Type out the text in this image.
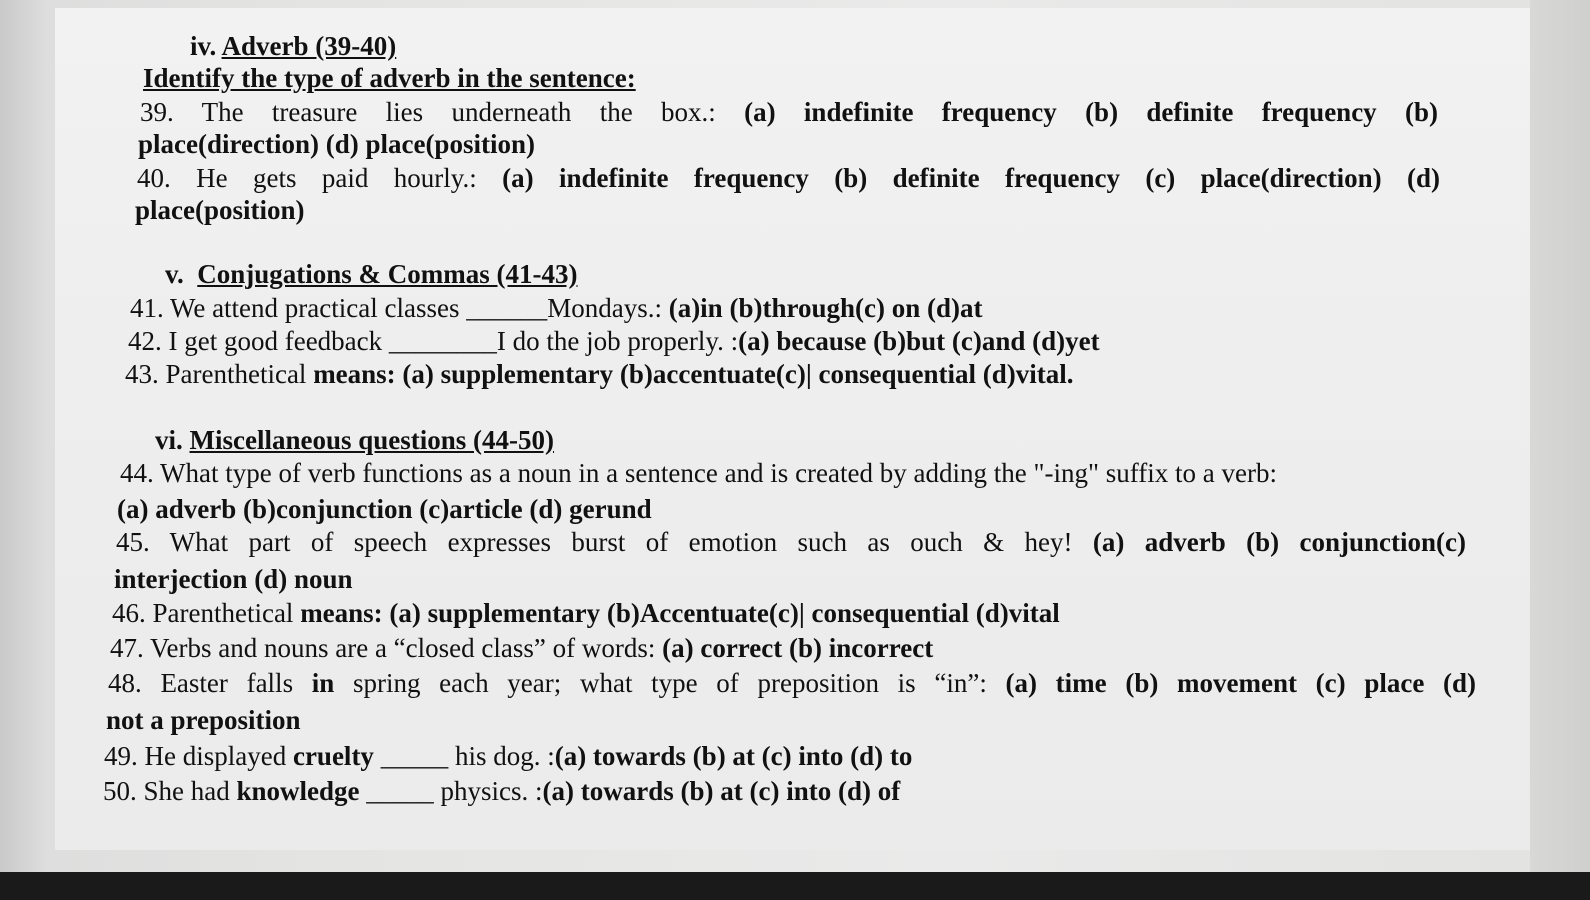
iv. Adverb (39-40)
Identify the type of adverb in the sentence:
39. The treasure lies underneath the box.: (a) indefinite frequency (b) definite frequency (b)
place(direction) (d) place(position)
40. He gets paid hourly.: (a) indefinite frequency (b) definite frequency (c) place(direction) (d)
place(position)
v. Conjugations & Commas (41-43)
41. We attend practical classes ______Mondays.: (a)in (b)through(c) on (d)at
42. I get good feedback ________I do the job properly. :(a) because (b)but (c)and (d)yet
43. Parenthetical means: (a) supplementary (b)accentuate(c)| consequential (d)vital.
vi. Miscellaneous questions (44-50)
44. What type of verb functions as a noun in a sentence and is created by adding the "-ing" suffix to a verb:
(a) adverb (b)conjunction (c)article (d) gerund
45. What part of speech expresses burst of emotion such as ouch & hey! (a) adverb (b) conjunction(c)
interjection (d) noun
46. Parenthetical means: (a) supplementary (b)Accentuate(c)| consequential (d)vital
47. Verbs and nouns are a “closed class” of words: (a) correct (b) incorrect
48. Easter falls in spring each year; what type of preposition is “in”: (a) time (b) movement (c) place (d)
not a preposition
49. He displayed cruelty _____ his dog. :(a) towards (b) at (c) into (d) to
50. She had knowledge _____ physics. :(a) towards (b) at (c) into (d) of
